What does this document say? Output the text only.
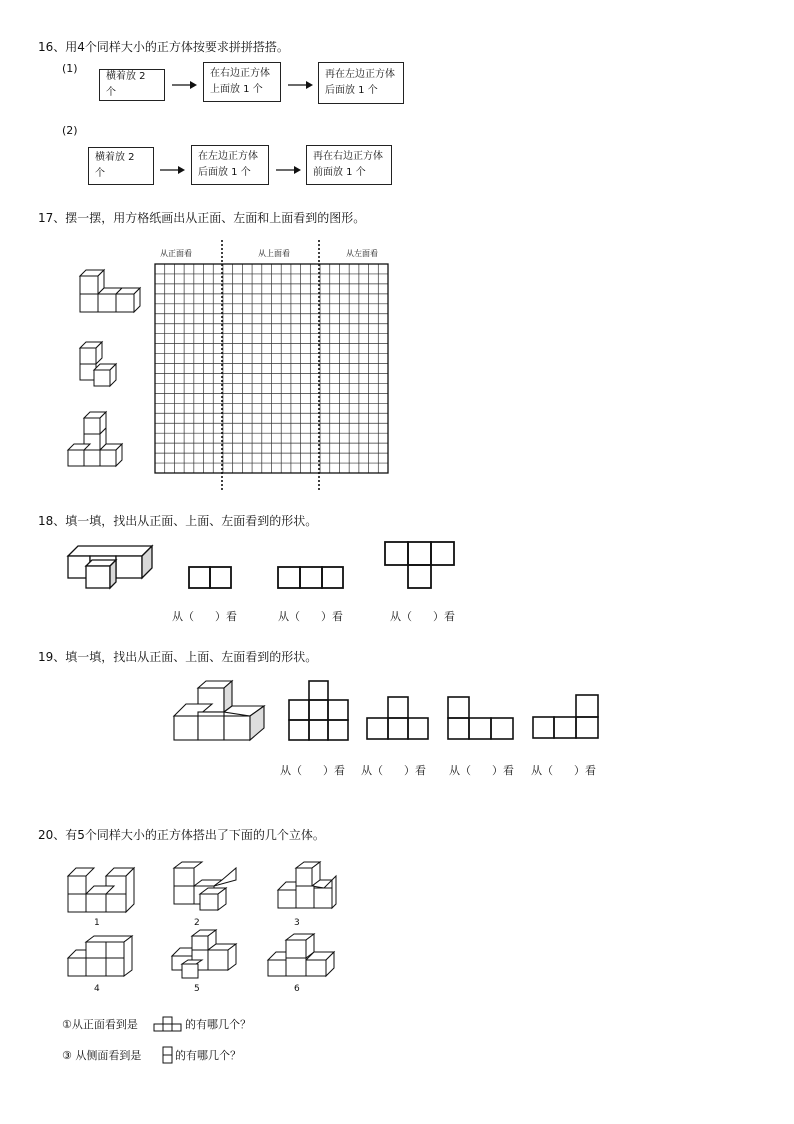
16、用4个同样大小的正方体按要求拼拼搭搭。
(1)
横着放 2 个
在右边正方体
上面放 1 个
再在左边正方体
后面放 1 个
(2)
横着放 2 个
在左边正方体
后面放 1 个
再在右边正方体
前面放 1 个
17、摆一摆，用方格纸画出从正面、左面和上面看到的图形。
从正面看	从上面看	从左面看
18、填一填，找出从正面、上面、左面看到的形状。
从（      ）看	从（      ）看	从（      ）看
19、填一填，找出从正面、上面、左面看到的形状。
从（      ）看 从（      ）看 从（      ）看 从（      ）看
20、有5个同样大小的正方体搭出了下面的几个立体。
1	2	3
4	5	6
①从正面看到是	的有哪几个？
③ 从侧面看到是	的有哪几个？
